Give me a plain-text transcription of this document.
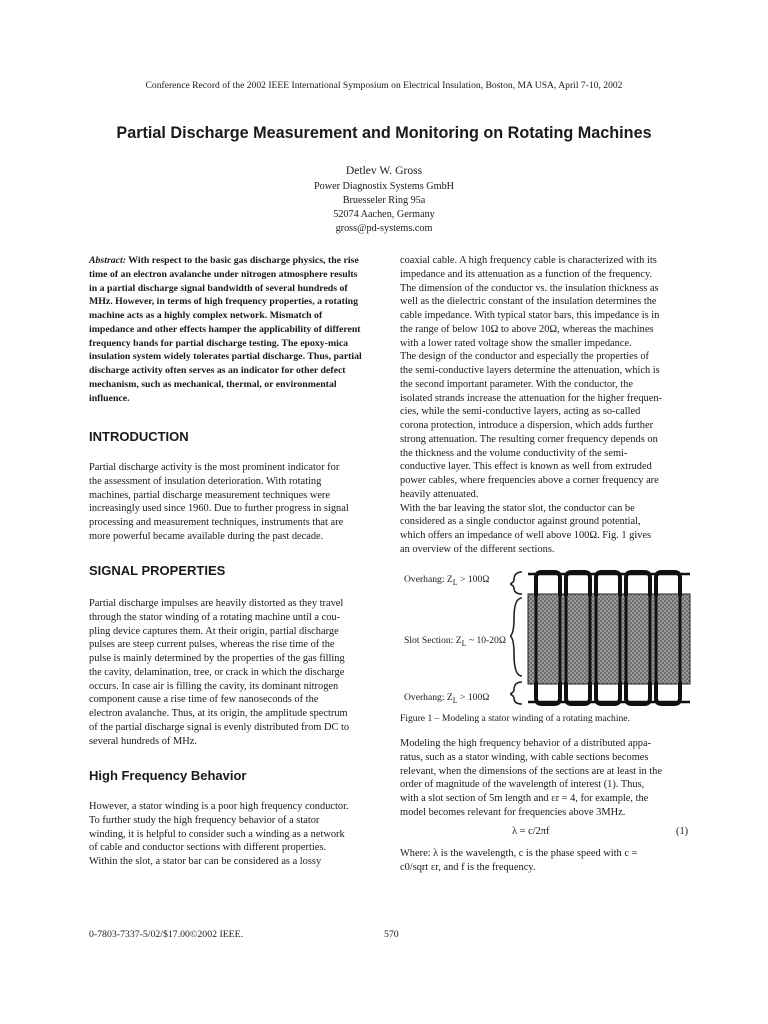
Conference Record of the 2002 IEEE International Symposium on Electrical Insulation, Boston, MA USA, April 7-10, 2002
Partial Discharge Measurement and Monitoring on Rotating Machines
Detlev W. Gross
Power Diagnostix Systems GmbH
Bruesseler Ring 95a
52074 Aachen, Germany
gross@pd-systems.com
Abstract: With respect to the basic gas discharge physics, the rise
time of an electron avalanche under nitrogen atmosphere results
in a partial discharge signal bandwidth of several hundreds of
MHz. However, in terms of high frequency properties, a rotating
machine acts as a highly complex network. Mismatch of
impedance and other effects hamper the applicability of different
frequency bands for partial discharge testing. The epoxy-mica
insulation system widely tolerates partial discharge. Thus, partial
discharge activity often serves as an indicator for other defect
mechanism, such as mechanical, thermal, or environmental
influence.
INTRODUCTION
Partial discharge activity is the most prominent indicator for
the assessment of insulation deterioration. With rotating
machines, partial discharge measurement techniques were
increasingly used since 1960. Due to further progress in signal
processing and measurement techniques, instruments that are
more powerful became available during the past decade.
SIGNAL PROPERTIES
Partial discharge impulses are heavily distorted as they travel
through the stator winding of a rotating machine until a cou-
pling device captures them. At their origin, partial discharge
pulses are steep current pulses, whereas the rise time of the
pulse is mainly determined by the properties of the gas filling
the cavity, delamination, tree, or crack in which the discharge
occurs. In case air is filling the cavity, its dominant nitrogen
component cause a rise time of few nanoseconds of the
electron avalanche. Thus, at its origin, the amplitude spectrum
of the partial discharge signal is evenly distributed from DC to
several hundreds of MHz.
High Frequency Behavior
However, a stator winding is a poor high frequency conductor.
To further study the high frequency behavior of a stator
winding, it is helpful to consider such a winding as a network
of cable and conductor sections with different properties.
Within the slot, a stator bar can be considered as a lossy
coaxial cable. A high frequency cable is characterized with its
impedance and its attenuation as a function of the frequency.
The dimension of the conductor vs. the insulation thickness as
well as the dielectric constant of the insulation determines the
cable impedance. With typical stator bars, this impedance is in
the range of below 10Ω to above 20Ω, whereas the machines
with a lower rated voltage show the smaller impedance.
The design of the conductor and especially the properties of
the semi-conductive layers determine the attenuation, which is
the second important parameter. With the conductor, the
isolated strands increase the attenuation for the higher frequen-
cies, while the semi-conductive layers, acting as so-called
corona protection, introduce a dispersion, which adds further
strong attenuation. The resulting corner frequency depends on
the thickness and the volume conductivity of the semi-
conductive layer. This effect is known as well from extruded
power cables, where frequencies above a corner frequency are
heavily attenuated.
With the bar leaving the stator slot, the conductor can be
considered as a single conductor against ground potential,
which offers an impedance of well above 100Ω. Fig. 1 gives
an overview of the different sections.
Overhang: $Z_L > 100\Omega$
Slot Section: $Z_L$ ~ 10-20Ω
Overhang: $Z_L > 100\Omega$
Figure 1 – Modeling a stator winding of a rotating machine.
Modeling the high frequency behavior of a distributed appa-
ratus, such as a stator winding, with cable sections becomes
relevant, when the dimensions of the sections are at least in the
order of magnitude of the wavelength of interest (1). Thus,
with a slot section of 5m length and εr = 4, for example, the
model becomes relevant for frequencies above 3MHz.
λ = c/2πf	(1)
Where: λ is the wavelength, c is the phase speed with c =
c0/sqrt εr, and f is the frequency.
0-7803-7337-5/02/$17.00©2002 IEEE.	570
